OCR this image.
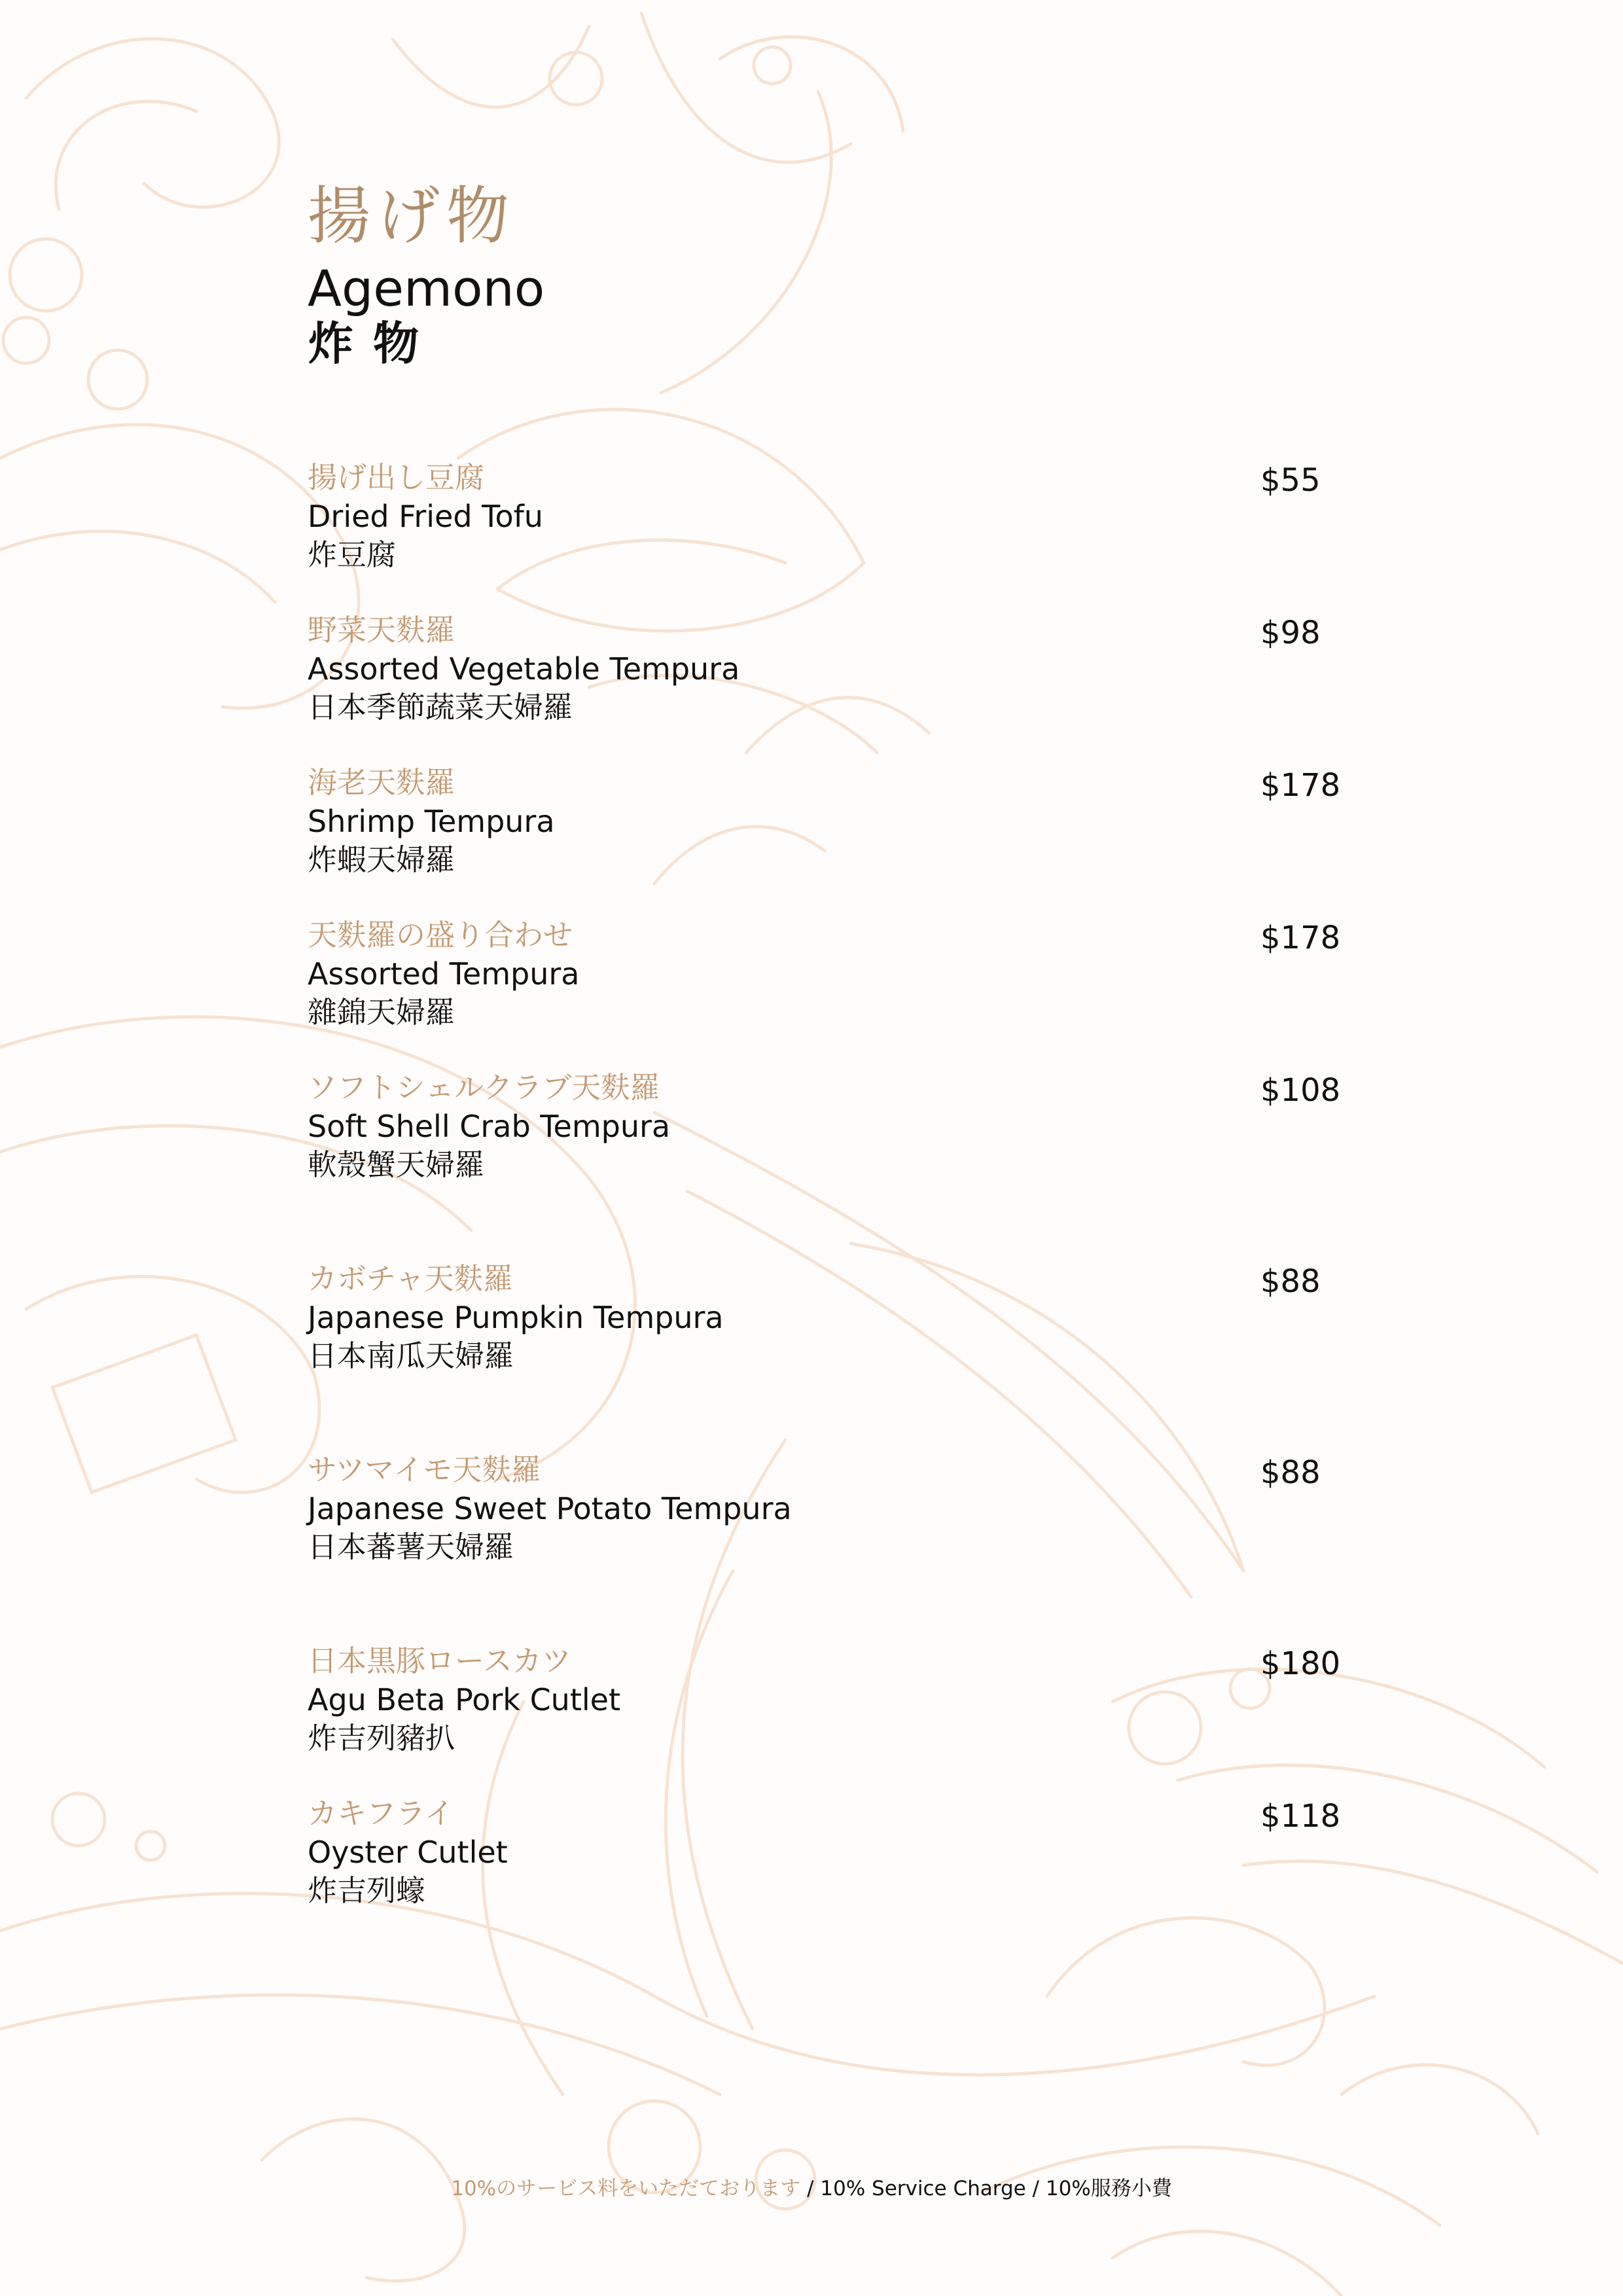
揚げ物
Agemono
炸物
揚げ出し豆腐
Dried Fried Tofu
炸豆腐
$55
野菜天麩羅
Assorted Vegetable Tempura
日本季節蔬菜天婦羅
$98
海老天麩羅
Shrimp Tempura
炸蝦天婦羅
$178
天麩羅の盛り合わせ
Assorted Tempura
雜錦天婦羅
$178
ソフトシェルクラブ天麩羅
Soft Shell Crab Tempura
軟殼蟹天婦羅
$108
カボチャ天麩羅
Japanese Pumpkin Tempura
日本南瓜天婦羅
$88
サツマイモ天麩羅
Japanese Sweet Potato Tempura
日本蕃薯天婦羅
$88
日本黒豚ロースカツ
Agu Beta Pork Cutlet
炸吉列豬扒
$180
カキフライ
Oyster Cutlet
炸吉列蠔
$118
10%のサービス料をいただております / 10% Service Charge / 10%服務小費
